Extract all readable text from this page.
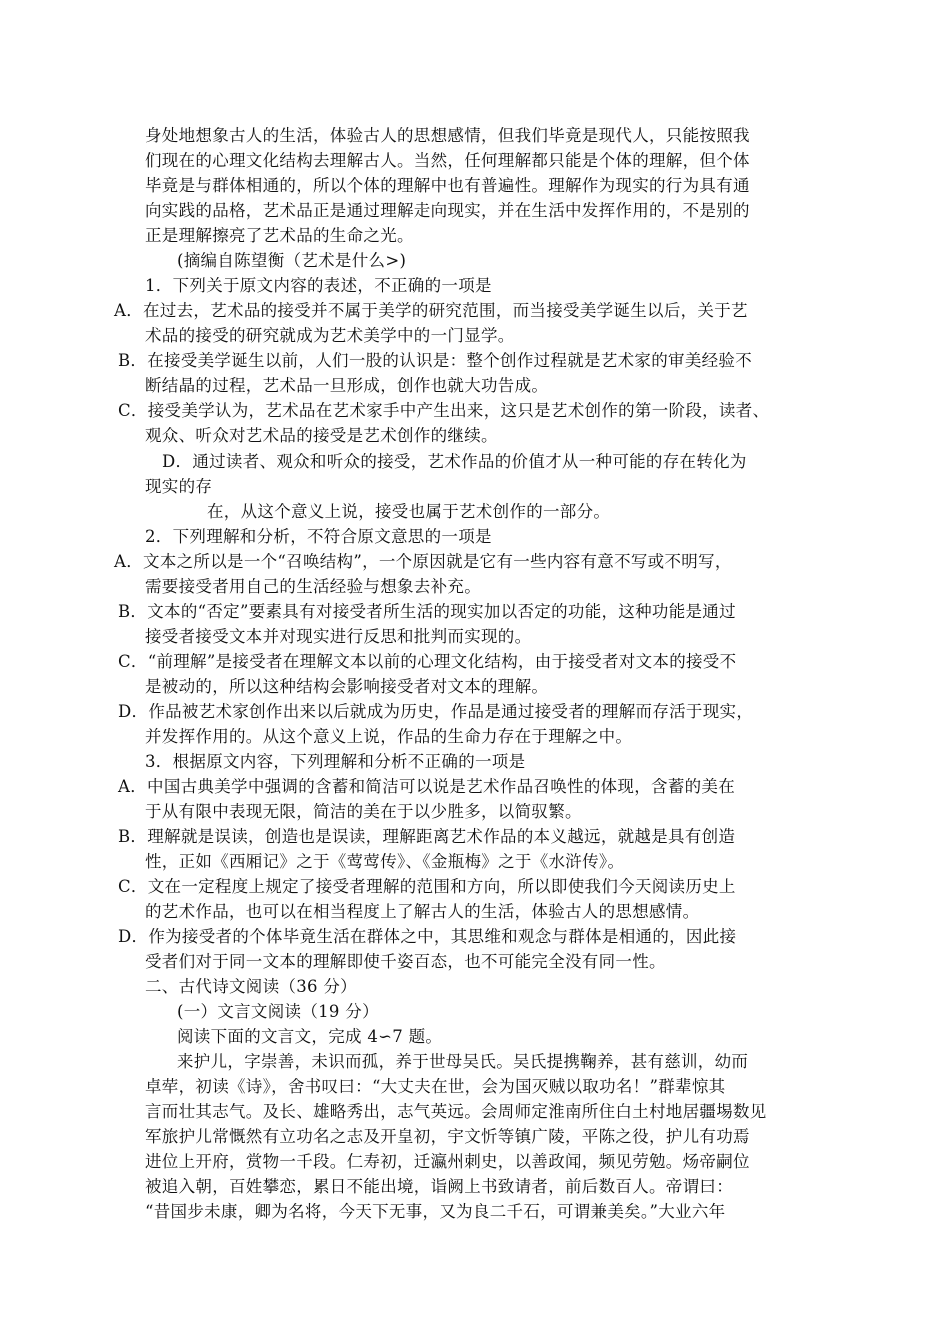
身处地想象古人的生活，体验古人的思想感情，但我们毕竟是现代人，只能按照我
们现在的心理文化结构去理解古人。当然，任何理解都只能是个体的理解，但个体
毕竟是与群体相通的，所以个体的理解中也有普遍性。理解作为现实的行为具有通
向实践的品格，艺术品正是通过理解走向现实，并在生活中发挥作用的，不是别的
正是理解擦亮了艺术品的生命之光。
(摘编自陈望衡（艺术是什么>)
1．下列关于原文内容的表述，不正确的一项是
A．在过去，艺术品的接受并不属于美学的研究范围，而当接受美学诞生以后，关于艺
术品的接受的研究就成为艺术美学中的一门显学。
B．在接受美学诞生以前，人们一股的认识是：整个创作过程就是艺术家的审美经验不
断结晶的过程，艺术品一旦形成，创作也就大功告成。
C．接受美学认为，艺术品在艺术家手中产生出来，这只是艺术创作的第一阶段，读者、
观众、听众对艺术品的接受是艺术创作的继续。
D．通过读者、观众和听众的接受，艺术作品的价值才从一种可能的存在转化为
现实的存
在，从这个意义上说，接受也属于艺术创作的一部分。
2．下列理解和分析，不符合原文意思的一项是
A．文本之所以是一个“召唤结构”，一个原因就是它有一些内容有意不写或不明写，
需要接受者用自己的生活经验与想象去补充。
B．文本的“否定”要素具有对接受者所生活的现实加以否定的功能，这种功能是通过
接受者接受文本并对现实进行反思和批判而实现的。
C．“前理解”是接受者在理解文本以前的心理文化结构，由于接受者对文本的接受不
是被动的，所以这种结构会影响接受者对文本的理解。
D．作品被艺术家创作出来以后就成为历史，作品是通过接受者的理解而存活于现实，
并发挥作用的。从这个意义上说，作品的生命力存在于理解之中。
3．根据原文内容，下列理解和分析不正确的一项是
A．中国古典美学中强调的含蓄和简洁可以说是艺术作品召唤性的体现，含蓄的美在
于从有限中表现无限，简洁的美在于以少胜多，以简驭繁。
B．理解就是误读，创造也是误读，理解距离艺术作品的本义越远，就越是具有创造
性，正如《西厢记》之于《莺莺传》、《金瓶梅》之于《水浒传》。
C．文在一定程度上规定了接受者理解的范围和方向，所以即使我们今天阅读历史上
的艺术作品，也可以在相当程度上了解古人的生活，体验古人的思想感情。
D．作为接受者的个体毕竟生活在群体之中，其思维和观念与群体是相通的，因此接
受者们对于同一文本的理解即使千姿百态，也不可能完全没有同一性。
二、古代诗文阅读（36 分）
(一）文言文阅读（19 分）
阅读下面的文言文，完成 4∽7 题。
来护儿，字崇善，未识而孤，养于世母吴氏。吴氏提携鞠养，甚有慈训，幼而
卓荦，初读《诗》，舍书叹曰：“大丈夫在世，会为国灭贼以取功名！”群辈惊其
言而壮其志气。及长、雄略秀出，志气英远。会周师定淮南所住白土村地居疆埸数见
军旅护儿常慨然有立功名之志及开皇初，宇文忻等镇广陵，平陈之役，护儿有功焉
进位上开府，赏物一千段。仁寿初，迁瀛州刺史，以善政闻，频见劳勉。炀帝嗣位
被追入朝，百姓攀恋，累日不能出境，诣阙上书致请者，前后数百人。帝谓曰：
“昔国步未康，卿为名将，今天下无事，又为良二千石，可谓兼美矣。”大业六年
